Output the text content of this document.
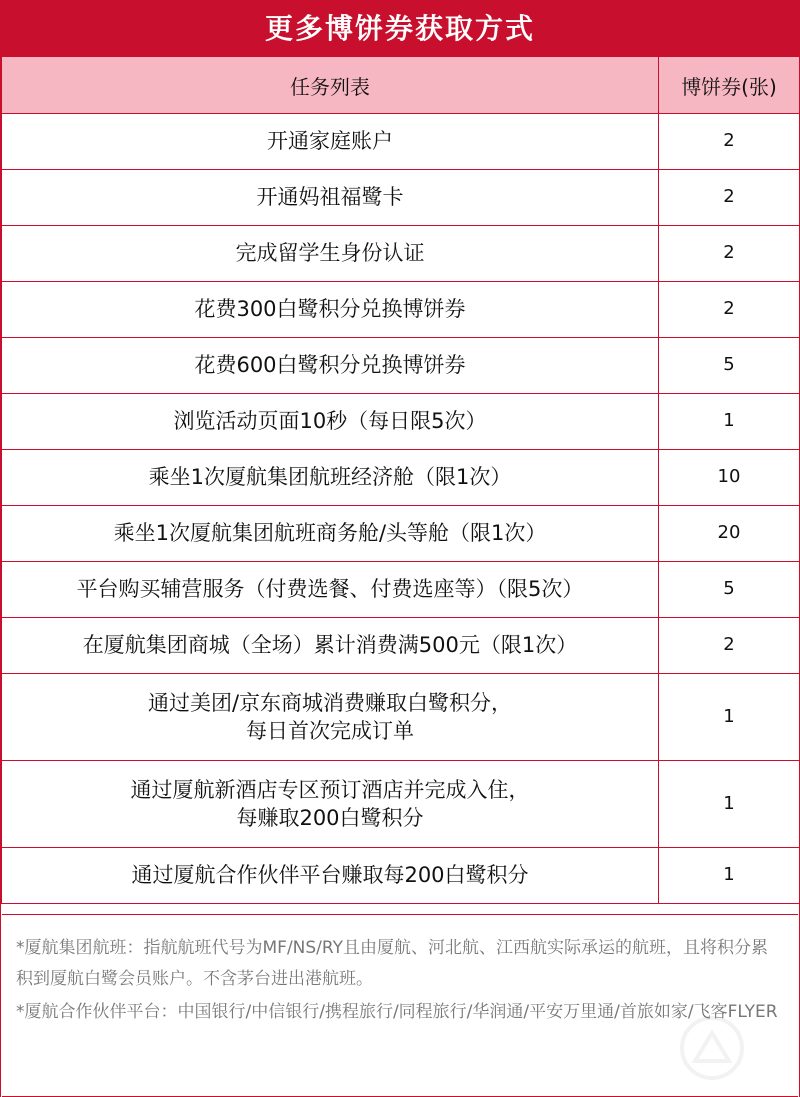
更多博饼券获取方式
任务列表	博饼券(张)
开通家庭账户	2
开通妈祖福鹭卡	2
完成留学生身份认证	2
花费300白鹭积分兑换博饼券	2
花费600白鹭积分兑换博饼券	5
浏览活动页面10秒（每日限5次）	1
乘坐1次厦航集团航班经济舱（限1次）	10
乘坐1次厦航集团航班商务舱/头等舱（限1次）	20
平台购买辅营服务（付费选餐、付费选座等）（限5次）	5
在厦航集团商城（全场）累计消费满500元（限1次）	2

通过美团/京东商城消费赚取白鹭积分，
每日首次完成订单	1

通过厦航新酒店专区预订酒店并完成入住，
每赚取200白鹭积分	1
通过厦航合作伙伴平台赚取每200白鹭积分	1

*厦航集团航班：指航航班代号为MF/NS/RY且由厦航、河北航、江西航实际承运的航班，且将积分累积到厦航白鹭会员账户。不含茅台进出港航班。

*厦航合作伙伴平台：中国银行/中信银行/携程旅行/同程旅行/华润通/平安万里通/首旅如家/飞客FLYER
